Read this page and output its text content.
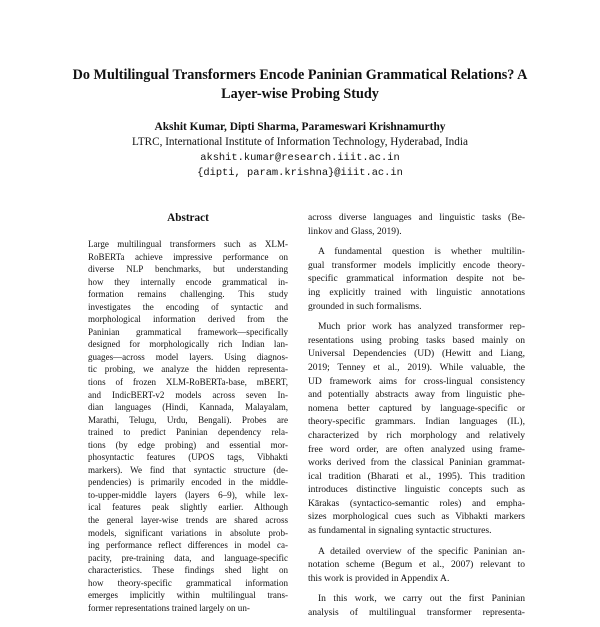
Do Multilingual Transformers Encode Paninian Grammatical Relations? A
Layer-wise Probing Study
Akshit Kumar, Dipti Sharma, Parameswari Krishnamurthy
LTRC, International Institute of Information Technology, Hyderabad, India
akshit.kumar@research.iiit.ac.in
{dipti, param.krishna}@iiit.ac.in
Abstract
Large multilingual transformers such as XLM-
RoBERTa achieve impressive performance on
diverse NLP benchmarks, but understanding
how they internally encode grammatical in-
formation remains challenging. This study
investigates the encoding of syntactic and
morphological information derived from the
Paninian grammatical framework—specifically
designed for morphologically rich Indian lan-
guages—across model layers. Using diagnos-
tic probing, we analyze the hidden representa-
tions of frozen XLM-RoBERTa-base, mBERT,
and IndicBERT-v2 models across seven In-
dian languages (Hindi, Kannada, Malayalam,
Marathi, Telugu, Urdu, Bengali). Probes are
trained to predict Paninian dependency rela-
tions (by edge probing) and essential mor-
phosyntactic features (UPOS tags, Vibhakti
markers). We find that syntactic structure (de-
pendencies) is primarily encoded in the middle-
to-upper-middle layers (layers 6–9), while lex-
ical features peak slightly earlier. Although
the general layer-wise trends are shared across
models, significant variations in absolute prob-
ing performance reflect differences in model ca-
pacity, pre-training data, and language-specific
characteristics. These findings shed light on
how theory-specific grammatical information
emerges implicitly within multilingual trans-
former representations trained largely on un-
across diverse languages and linguistic tasks (Be-
linkov and Glass, 2019).
A fundamental question is whether multilin-
gual transformer models implicitly encode theory-
specific grammatical information despite not be-
ing explicitly trained with linguistic annotations
grounded in such formalisms.
Much prior work has analyzed transformer rep-
resentations using probing tasks based mainly on
Universal Dependencies (UD) (Hewitt and Liang,
2019; Tenney et al., 2019). While valuable, the
UD framework aims for cross-lingual consistency
and potentially abstracts away from linguistic phe-
nomena better captured by language-specific or
theory-specific grammars. Indian languages (IL),
characterized by rich morphology and relatively
free word order, are often analyzed using frame-
works derived from the classical Paninian grammat-
ical tradition (Bharati et al., 1995). This tradition
introduces distinctive linguistic concepts such as
Kārakas (syntactico-semantic roles) and empha-
sizes morphological cues such as Vibhakti markers
as fundamental in signaling syntactic structures.
A detailed overview of the specific Paninian an-
notation scheme (Begum et al., 2007) relevant to
this work is provided in Appendix A.
In this work, we carry out the first Paninian
analysis of multilingual transformer representa-
